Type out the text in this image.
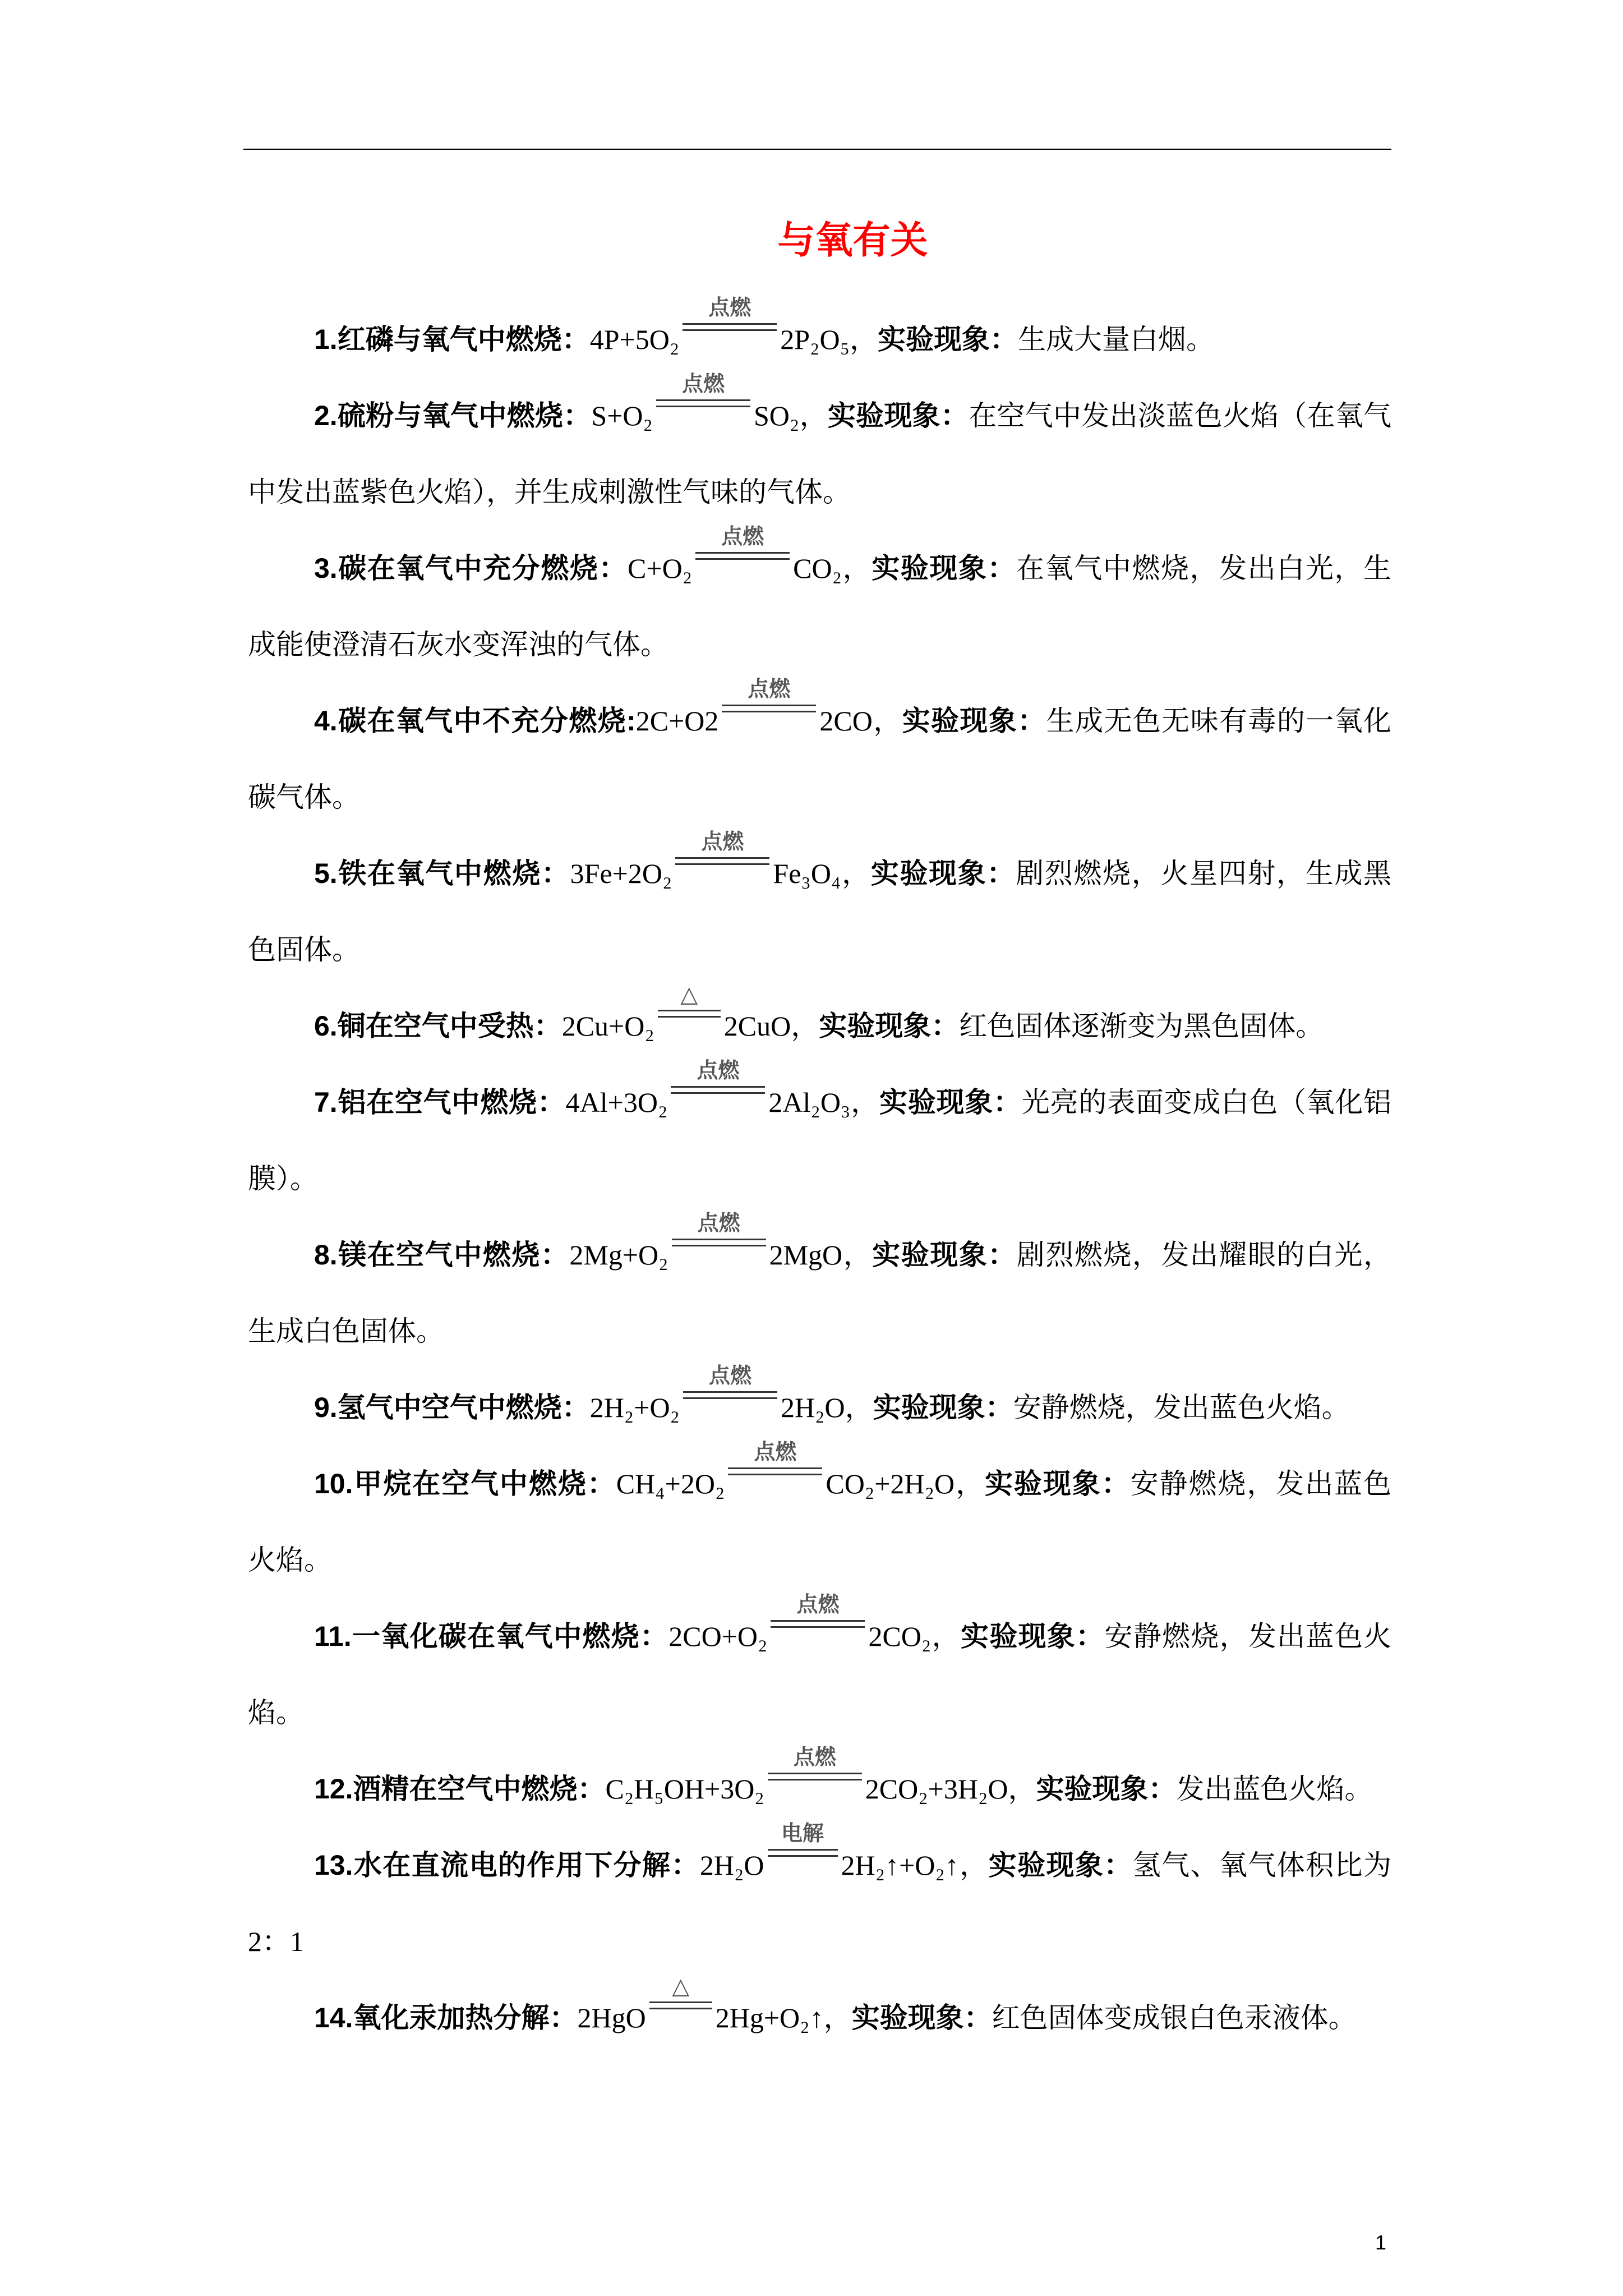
与氧有关

1.红磷与氧气中燃烧：4P+5O₂
点燃
2P₂O₅，实验现象：生成大量白烟。

2.硫粉与氧气中燃烧：S+O₂
点燃
SO₂，实验现象：在空气中发出淡蓝色火焰（在氧气中发出蓝紫色火焰），并生成刺激性气味的气体。

3.碳在氧气中充分燃烧：C+O₂
点燃
CO₂，实验现象：在氧气中燃烧，发出白光，生成能使澄清石灰水变浑浊的气体。

4.碳在氧气中不充分燃烧:2C+O2
点燃
2CO，实验现象：生成无色无味有毒的一氧化碳气体。

5.铁在氧气中燃烧：3Fe+2O₂
点燃
Fe₃O₄，实验现象：剧烈燃烧，火星四射，生成黑色固体。

6.铜在空气中受热：2Cu+O₂
△
2CuO，实验现象：红色固体逐渐变为黑色固体。

7.铝在空气中燃烧：4Al+3O₂
点燃
2Al₂O₃，实验现象：光亮的表面变成白色（氧化铝膜）。

8.镁在空气中燃烧：2Mg+O₂
点燃
2MgO，实验现象：剧烈燃烧，发出耀眼的白光，生成白色固体。

9.氢气中空气中燃烧：2H₂+O₂
点燃
2H₂O，实验现象：安静燃烧，发出蓝色火焰。

10.甲烷在空气中燃烧：CH₄+2O₂
点燃
CO₂+2H₂O，实验现象：安静燃烧，发出蓝色火焰。

11.一氧化碳在氧气中燃烧：2CO+O₂
点燃
2CO₂，实验现象：安静燃烧，发出蓝色火焰。

12.酒精在空气中燃烧：C₂H₅OH+3O₂
点燃
2CO₂+3H₂O，实验现象：发出蓝色火焰。

13.水在直流电的作用下分解：2H₂O
电解
2H₂↑+O₂↑，实验现象：氢气、氧气体积比为2：1

14.氧化汞加热分解：2HgO
△
2Hg+O₂↑，实验现象：红色固体变成银白色汞液体。

1
